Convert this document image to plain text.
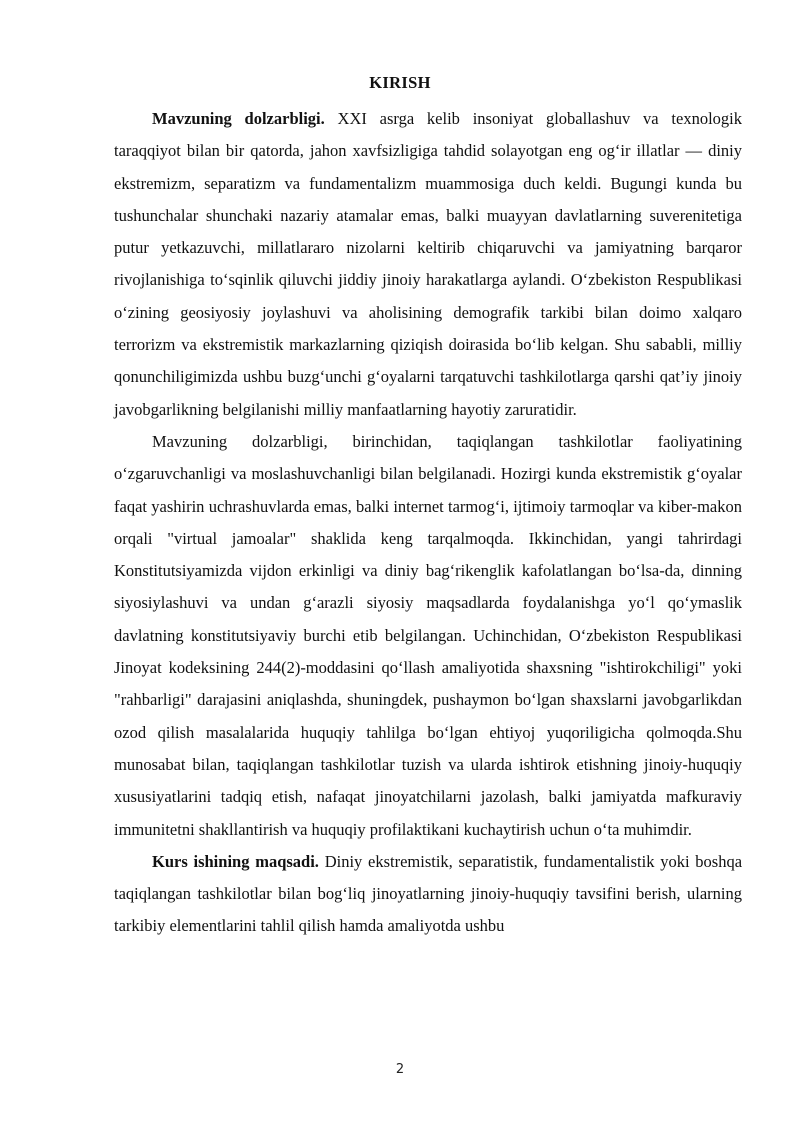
KIRISH

Mavzuning dolzarbligi. XXI asrga kelib insoniyat globallashuv va texnologik taraqqiyot bilan bir qatorda, jahon xavfsizligiga tahdid solayotgan eng og‘ir illatlar — diniy ekstremizm, separatizm va fundamentalizm muammosiga duch keldi. Bugungi kunda bu tushunchalar shunchaki nazariy atamalar emas, balki muayyan davlatlarning suverenitetiga putur yetkazuvchi, millatlararo nizolarni keltirib chiqaruvchi va jamiyatning barqaror rivojlanishiga to‘sqinlik qiluvchi jiddiy jinoiy harakatlarga aylandi. O‘zbekiston Respublikasi o‘zining geosiyosiy joylashuvi va aholisining demografik tarkibi bilan doimo xalqaro terrorizm va ekstremistik markazlarning qiziqish doirasida bo‘lib kelgan. Shu sababli, milliy qonunchiligimizda ushbu buzg‘unchi g‘oyalarni tarqatuvchi tashkilotlarga qarshi qat’iy jinoiy javobgarlikning belgilanishi milliy manfaatlarning hayotiy zaruratidir.

Mavzuning dolzarbligi, birinchidan, taqiqlangan tashkilotlar faoliyatining o‘zgaruvchanligi va moslashuvchanligi bilan belgilanadi. Hozirgi kunda ekstremistik g‘oyalar faqat yashirin uchrashuvlarda emas, balki internet tarmog‘i, ijtimoiy tarmoqlar va kiber-makon orqali "virtual jamoalar" shaklida keng tarqalmoqda. Ikkinchidan, yangi tahrirdagi Konstitutsiyamizda vijdon erkinligi va diniy bag‘rikenglik kafolatlangan bo‘lsa-da, dinning siyosiylashuvi va undan g‘arazli siyosiy maqsadlarda foydalanishga yo‘l qo‘ymaslik davlatning konstitutsiyaviy burchi etib belgilangan. Uchinchidan, O‘zbekiston Respublikasi Jinoyat kodeksining 244(2)-moddasini qo‘llash amaliyotida shaxsning "ishtirokchiligi" yoki "rahbarligi" darajasini aniqlashda, shuningdek, pushaymon bo‘lgan shaxslarni javobgarlikdan ozod qilish masalalarida huquqiy tahlilga bo‘lgan ehtiyoj yuqoriligicha qolmoqda.Shu munosabat bilan, taqiqlangan tashkilotlar tuzish va ularda ishtirok etishning jinoiy-huquqiy xususiyatlarini tadqiq etish, nafaqat jinoyatchilarni jazolash, balki jamiyatda mafkuraviy immunitetni shakllantirish va huquqiy profilaktikani kuchaytirish uchun o‘ta muhimdir.

Kurs ishining maqsadi. Diniy ekstremistik, separatistik, fundamentalistik yoki boshqa taqiqlangan tashkilotlar bilan bog‘liq jinoyatlarning jinoiy-huquqiy tavsifini berish, ularning tarkibiy elementlarini tahlil qilish hamda amaliyotda ushbu

2
